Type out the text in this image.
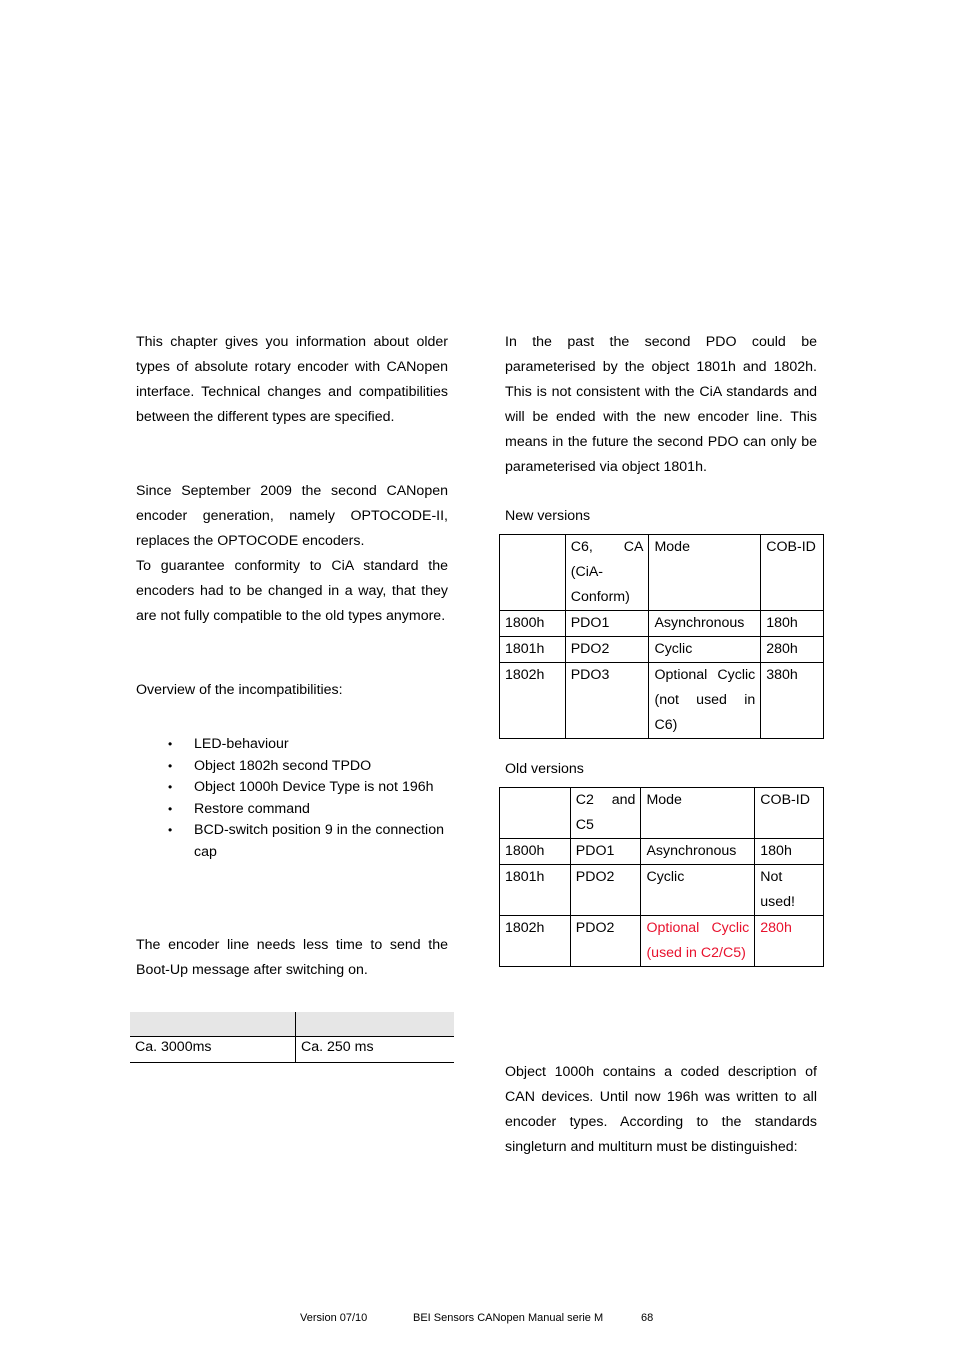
This chapter gives you information about older types of absolute rotary encoder with CANopen interface. Technical changes and compatibilities between the different types are specified.

Since September 2009 the second CANopen encoder generation, namely OPTOCODE-II, replaces the OPTOCODE encoders.

To guarantee conformity to CiA standard the encoders had to be changed in a way, that they are not fully compatible to the old types anymore.

Overview of the incompatibilities:

• LED-behaviour
• Object 1802h second TPDO
• Object 1000h Device Type is not 196h
• Restore command
• BCD-switch position 9 in the connection cap

The encoder line needs less time to send the Boot-Up message after switching on.

Ca. 3000ms	Ca. 250 ms

In the past the second PDO could be parameterised by the object 1801h and 1802h. This is not consistent with the CiA standards and will be ended with the new encoder line. This means in the future the second PDO can only be parameterised via object 1801h.

New versions

	C6, CA (CiA-Conform)	Mode	COB-ID
1800h	PDO1	Asynchronous	180h
1801h	PDO2	Cyclic	280h
1802h	PDO3	Optional Cyclic (not used in C6)	380h

Old versions

	C2 and C5	Mode	COB-ID
1800h	PDO1	Asynchronous	180h
1801h	PDO2	Cyclic	Not used!
1802h	PDO2	Optional Cyclic (used in C2/C5)	280h

Object 1000h contains a coded description of CAN devices. Until now 196h was written to all encoder types. According to the standards singleturn and multiturn must be distinguished:

Version 07/10	BEI Sensors CANopen Manual serie M	68
